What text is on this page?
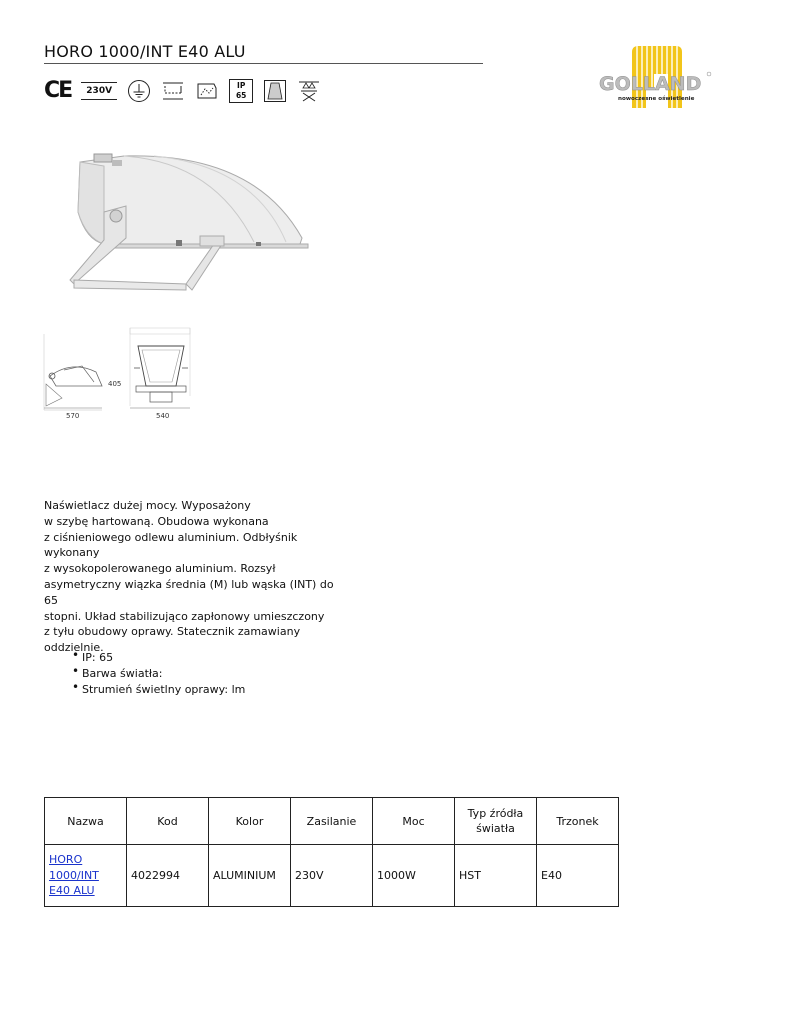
HORO 1000/INT E40 ALU
CE	230V
IP
65
GOLLAND
nowoczesne oświetlenie
570
405
540

Naświetlacz dużej mocy. Wyposażony
w szybę hartowaną. Obudowa wykonana
z ciśnieniowego odlewu aluminium. Odbłyśnik
wykonany
z wysokopolerowanego aluminium. Rozsył
asymetryczny wiązka średnia (M) lub wąska (INT) do 65
stopni. Układ stabilizująco zapłonowy umieszczony
z tyłu obudowy oprawy. Statecznik zamawiany
oddzielnie.

• IP: 65
• Barwa światła:
• Strumień świetlny oprawy: lm
Nazwa	Kod	Kolor	Zasilanie	Moc	Typ źródła światła	Trzonek
HORO 1000/INT E40 ALU	4022994	ALUMINIUM	230V	1000W	HST	E40
